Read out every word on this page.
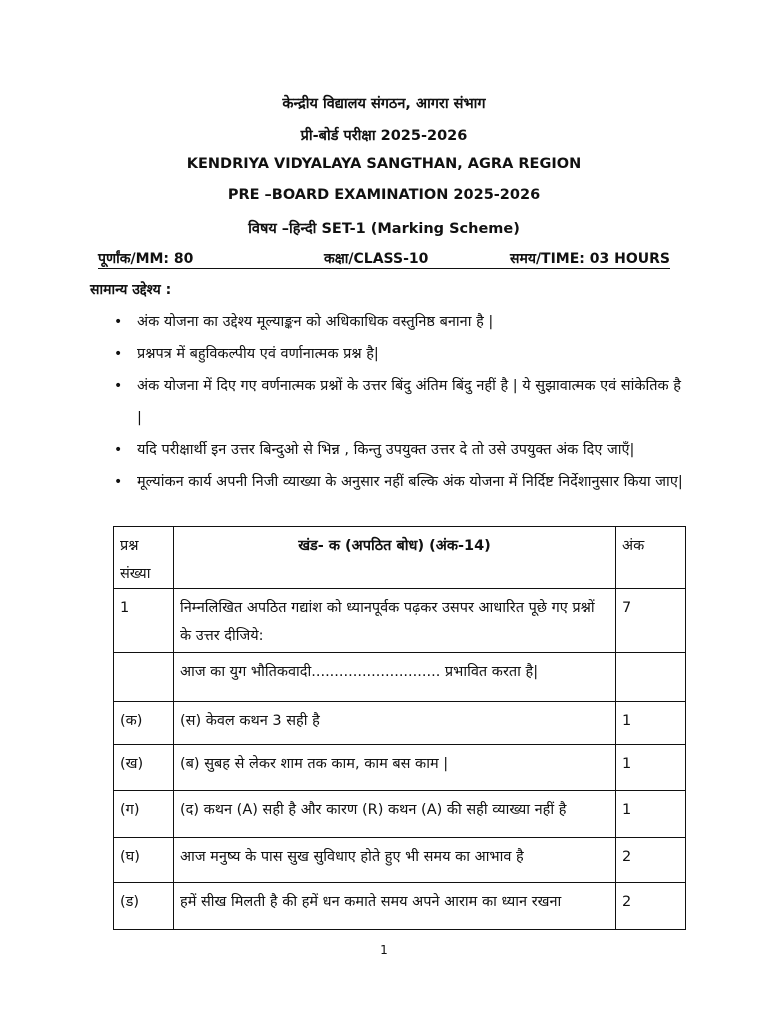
केन्द्रीय विद्यालय संगठन, आगरा संभाग
प्री-बोर्ड परीक्षा 2025-2026
KENDRIYA VIDYALAYA SANGTHAN, AGRA REGION
PRE –BOARD EXAMINATION 2025-2026
विषय –हिन्दी SET-1 (Marking Scheme)
पूर्णांक/MM: 80	कक्षा/CLASS-10	समय/TIME: 03 HOURS
सामान्य उद्देश्य :
• अंक योजना का उद्देश्य मूल्याङ्कन को अधिकाधिक वस्तुनिष्ठ बनाना है |
• प्रश्नपत्र में बहुविकल्पीय एवं वर्णानात्मक प्रश्न है|
• अंक योजना में दिए गए वर्णनात्मक प्रश्नों के उत्तर बिंदु अंतिम बिंदु नहीं है | ये सुझावात्मक एवं सांकेतिक है |
• यदि परीक्षार्थी इन उत्तर बिन्दुओ से भिन्न , किन्तु उपयुक्त उत्तर दे तो उसे उपयुक्त अंक दिए जाएँ|
• मूल्यांकन कार्य अपनी निजी व्याख्या के अनुसार नहीं बल्कि अंक योजना में निर्दिष्ट निर्देशानुसार किया जाए|
प्रश्न संख्या	खंड- क (अपठित बोध) (अंक-14)	अंक
1	निम्नलिखित अपठित गद्यांश को ध्यानपूर्वक पढ़कर उसपर आधारित पूछे गए प्रश्नों के उत्तर दीजिये:	7
	आज का युग भौतिकवादी............................ प्रभावित करता है|	
(क)	(स) केवल कथन 3 सही है	1
(ख)	(ब) सुबह से लेकर शाम तक काम, काम बस काम |	1
(ग)	(द) कथन (A) सही है और कारण (R) कथन (A) की सही व्याख्या नहीं है	1
(घ)	आज मनुष्य के पास सुख सुविधाए होते हुए भी समय का आभाव है	2
(ड)	हमें सीख मिलती है की हमें धन कमाते समय अपने आराम का ध्यान रखना	2
1
